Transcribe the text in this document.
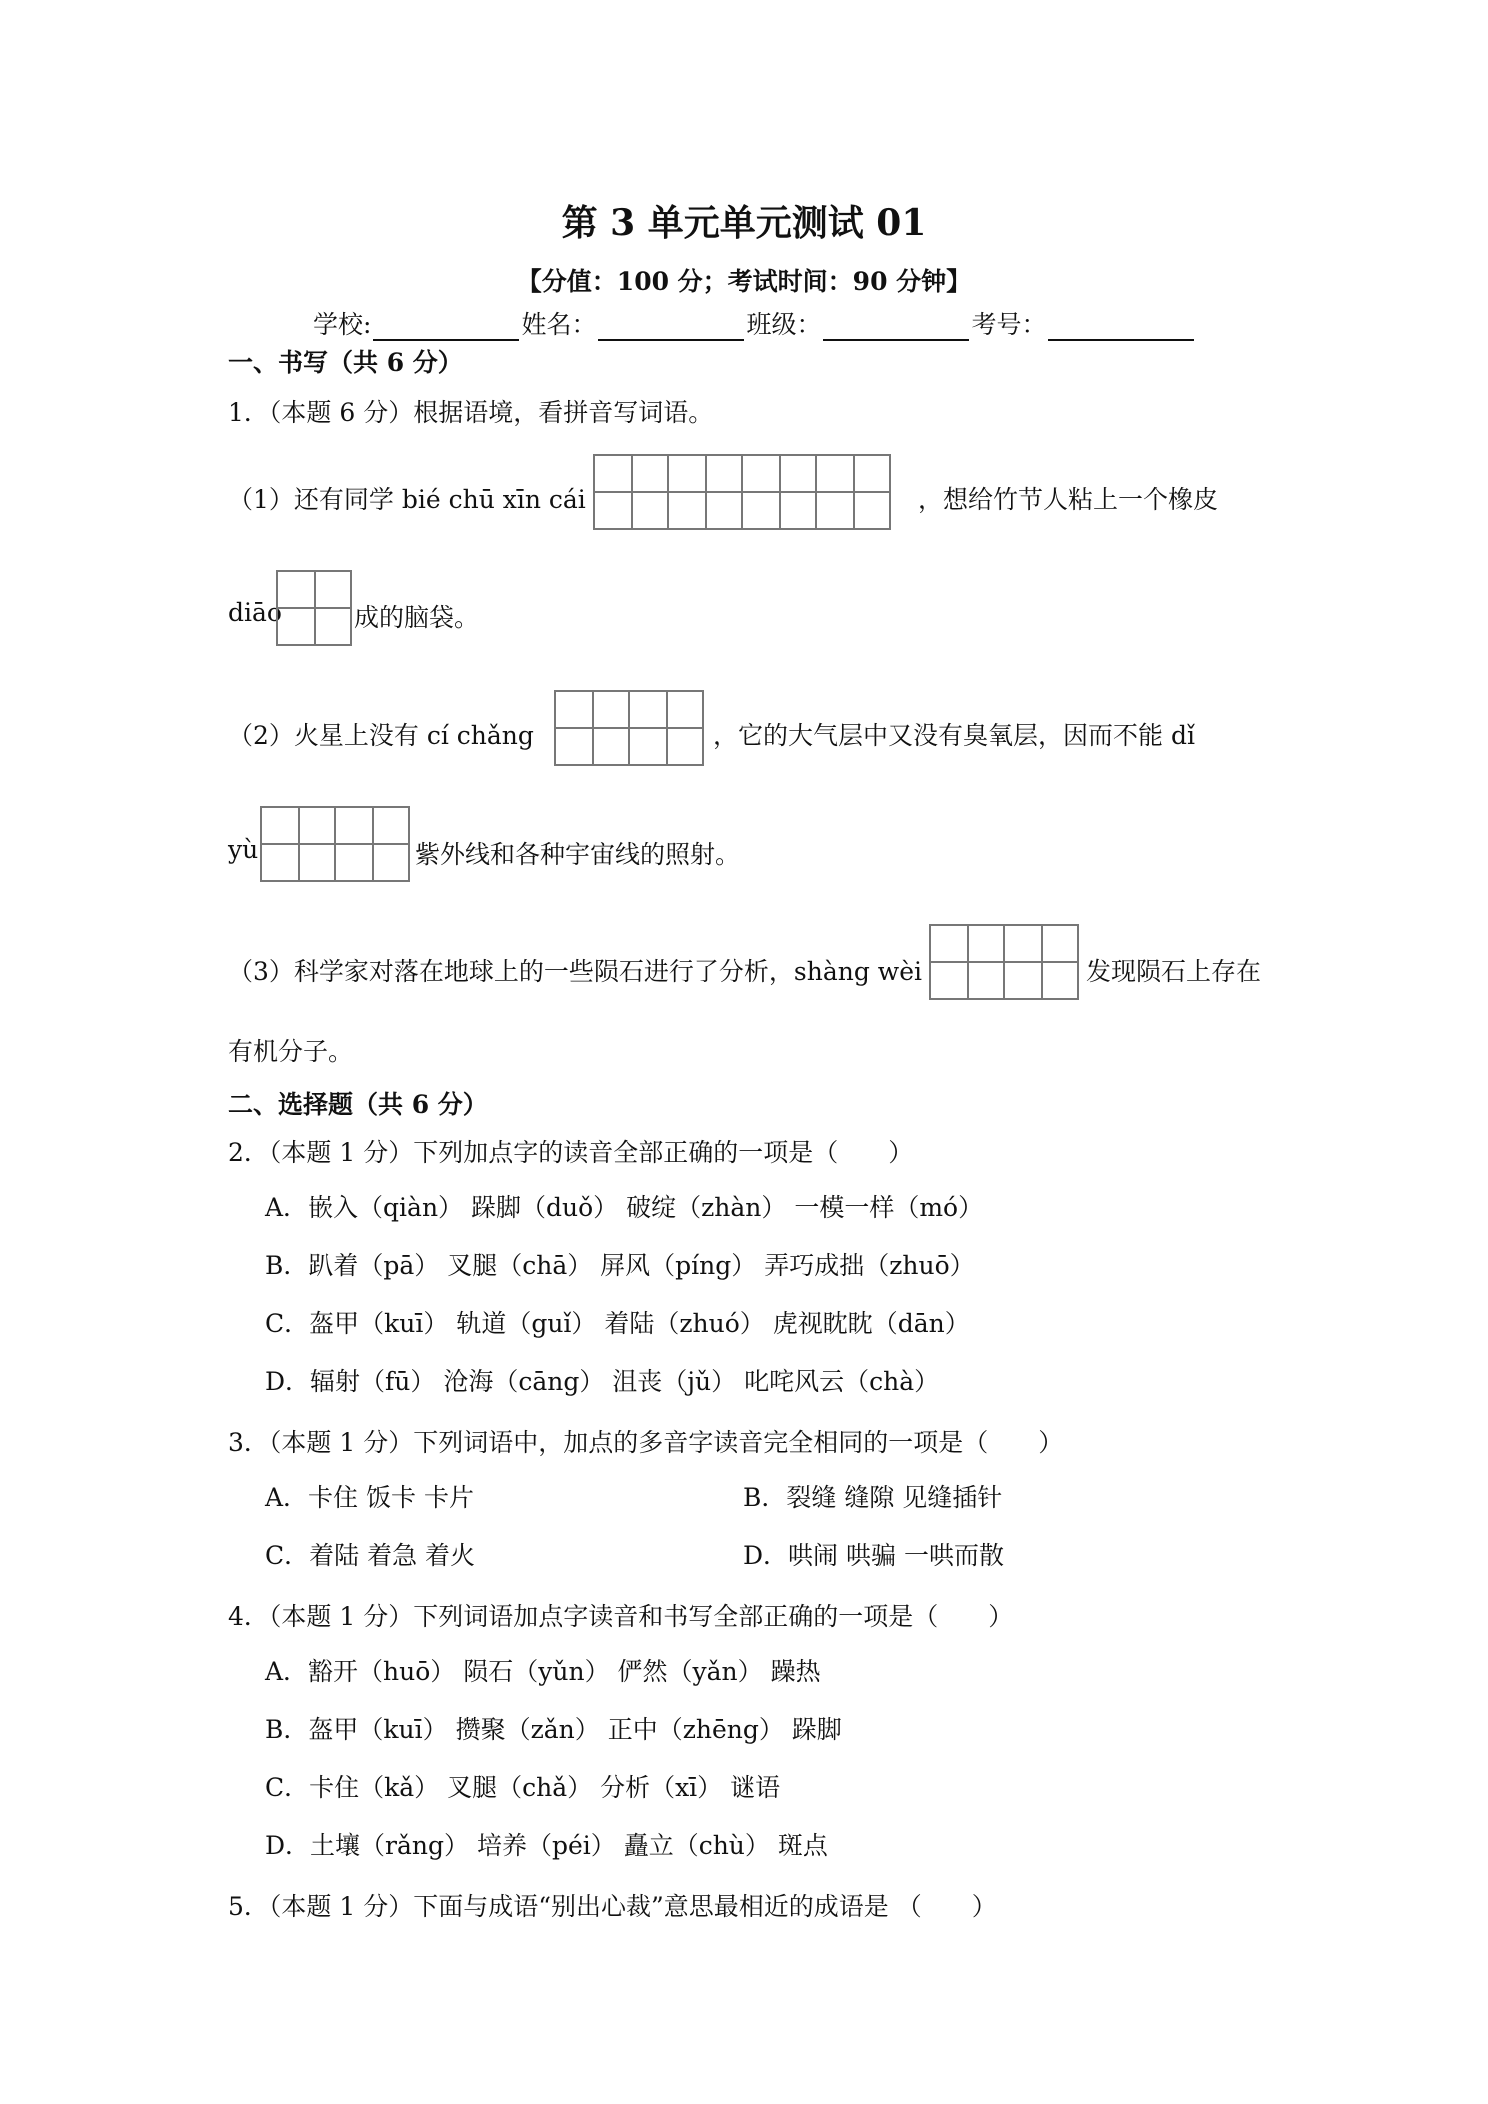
第 3 单元单元测试 01
【分值：100 分；考试时间：90 分钟】
学校:	姓名：	班级：	考号：
一、书写（共 6 分）
1．（本题 6 分）根据语境，看拼音写词语。
（1）还有同学 bié chū xīn cái	，想给竹节人粘上一个橡皮
diāo	成的脑袋。
（2）火星上没有 cí chǎng	，它的大气层中又没有臭氧层，因而不能 dǐ
yù	紫外线和各种宇宙线的照射。
（3）科学家对落在地球上的一些陨石进行了分析，shàng wèi	发现陨石上存在
有机分子。
二、选择题（共 6 分）
2．（本题 1 分）下列加点字的读音全部正确的一项是（　　）
A．嵌入（qiàn） 跺脚（duǒ） 破绽（zhàn） 一模一样（mó）
B．趴着（pā） 叉腿（chā） 屏风（píng） 弄巧成拙（zhuō）
C．盔甲（kuī） 轨道（guǐ） 着陆（zhuó） 虎视眈眈（dān）
D．辐射（fū） 沧海（cāng） 沮丧（jǔ） 叱咤风云（chà）
3．（本题 1 分）下列词语中，加点的多音字读音完全相同的一项是（　　）
A．卡住 饭卡 卡片	B．裂缝 缝隙 见缝插针
C．着陆 着急 着火	D．哄闹 哄骗 一哄而散
4．（本题 1 分）下列词语加点字读音和书写全部正确的一项是（　　）
A．豁开（huō） 陨石（yǔn） 俨然（yǎn） 躁热
B．盔甲（kuī） 攒聚（zǎn） 正中（zhēng） 跺脚
C．卡住（kǎ） 叉腿（chǎ） 分析（xī） 谜语
D．土壤（rǎng） 培养（péi） 矗立（chù） 斑点
5．（本题 1 分）下面与成语“别出心裁”意思最相近的成语是 （　　）
